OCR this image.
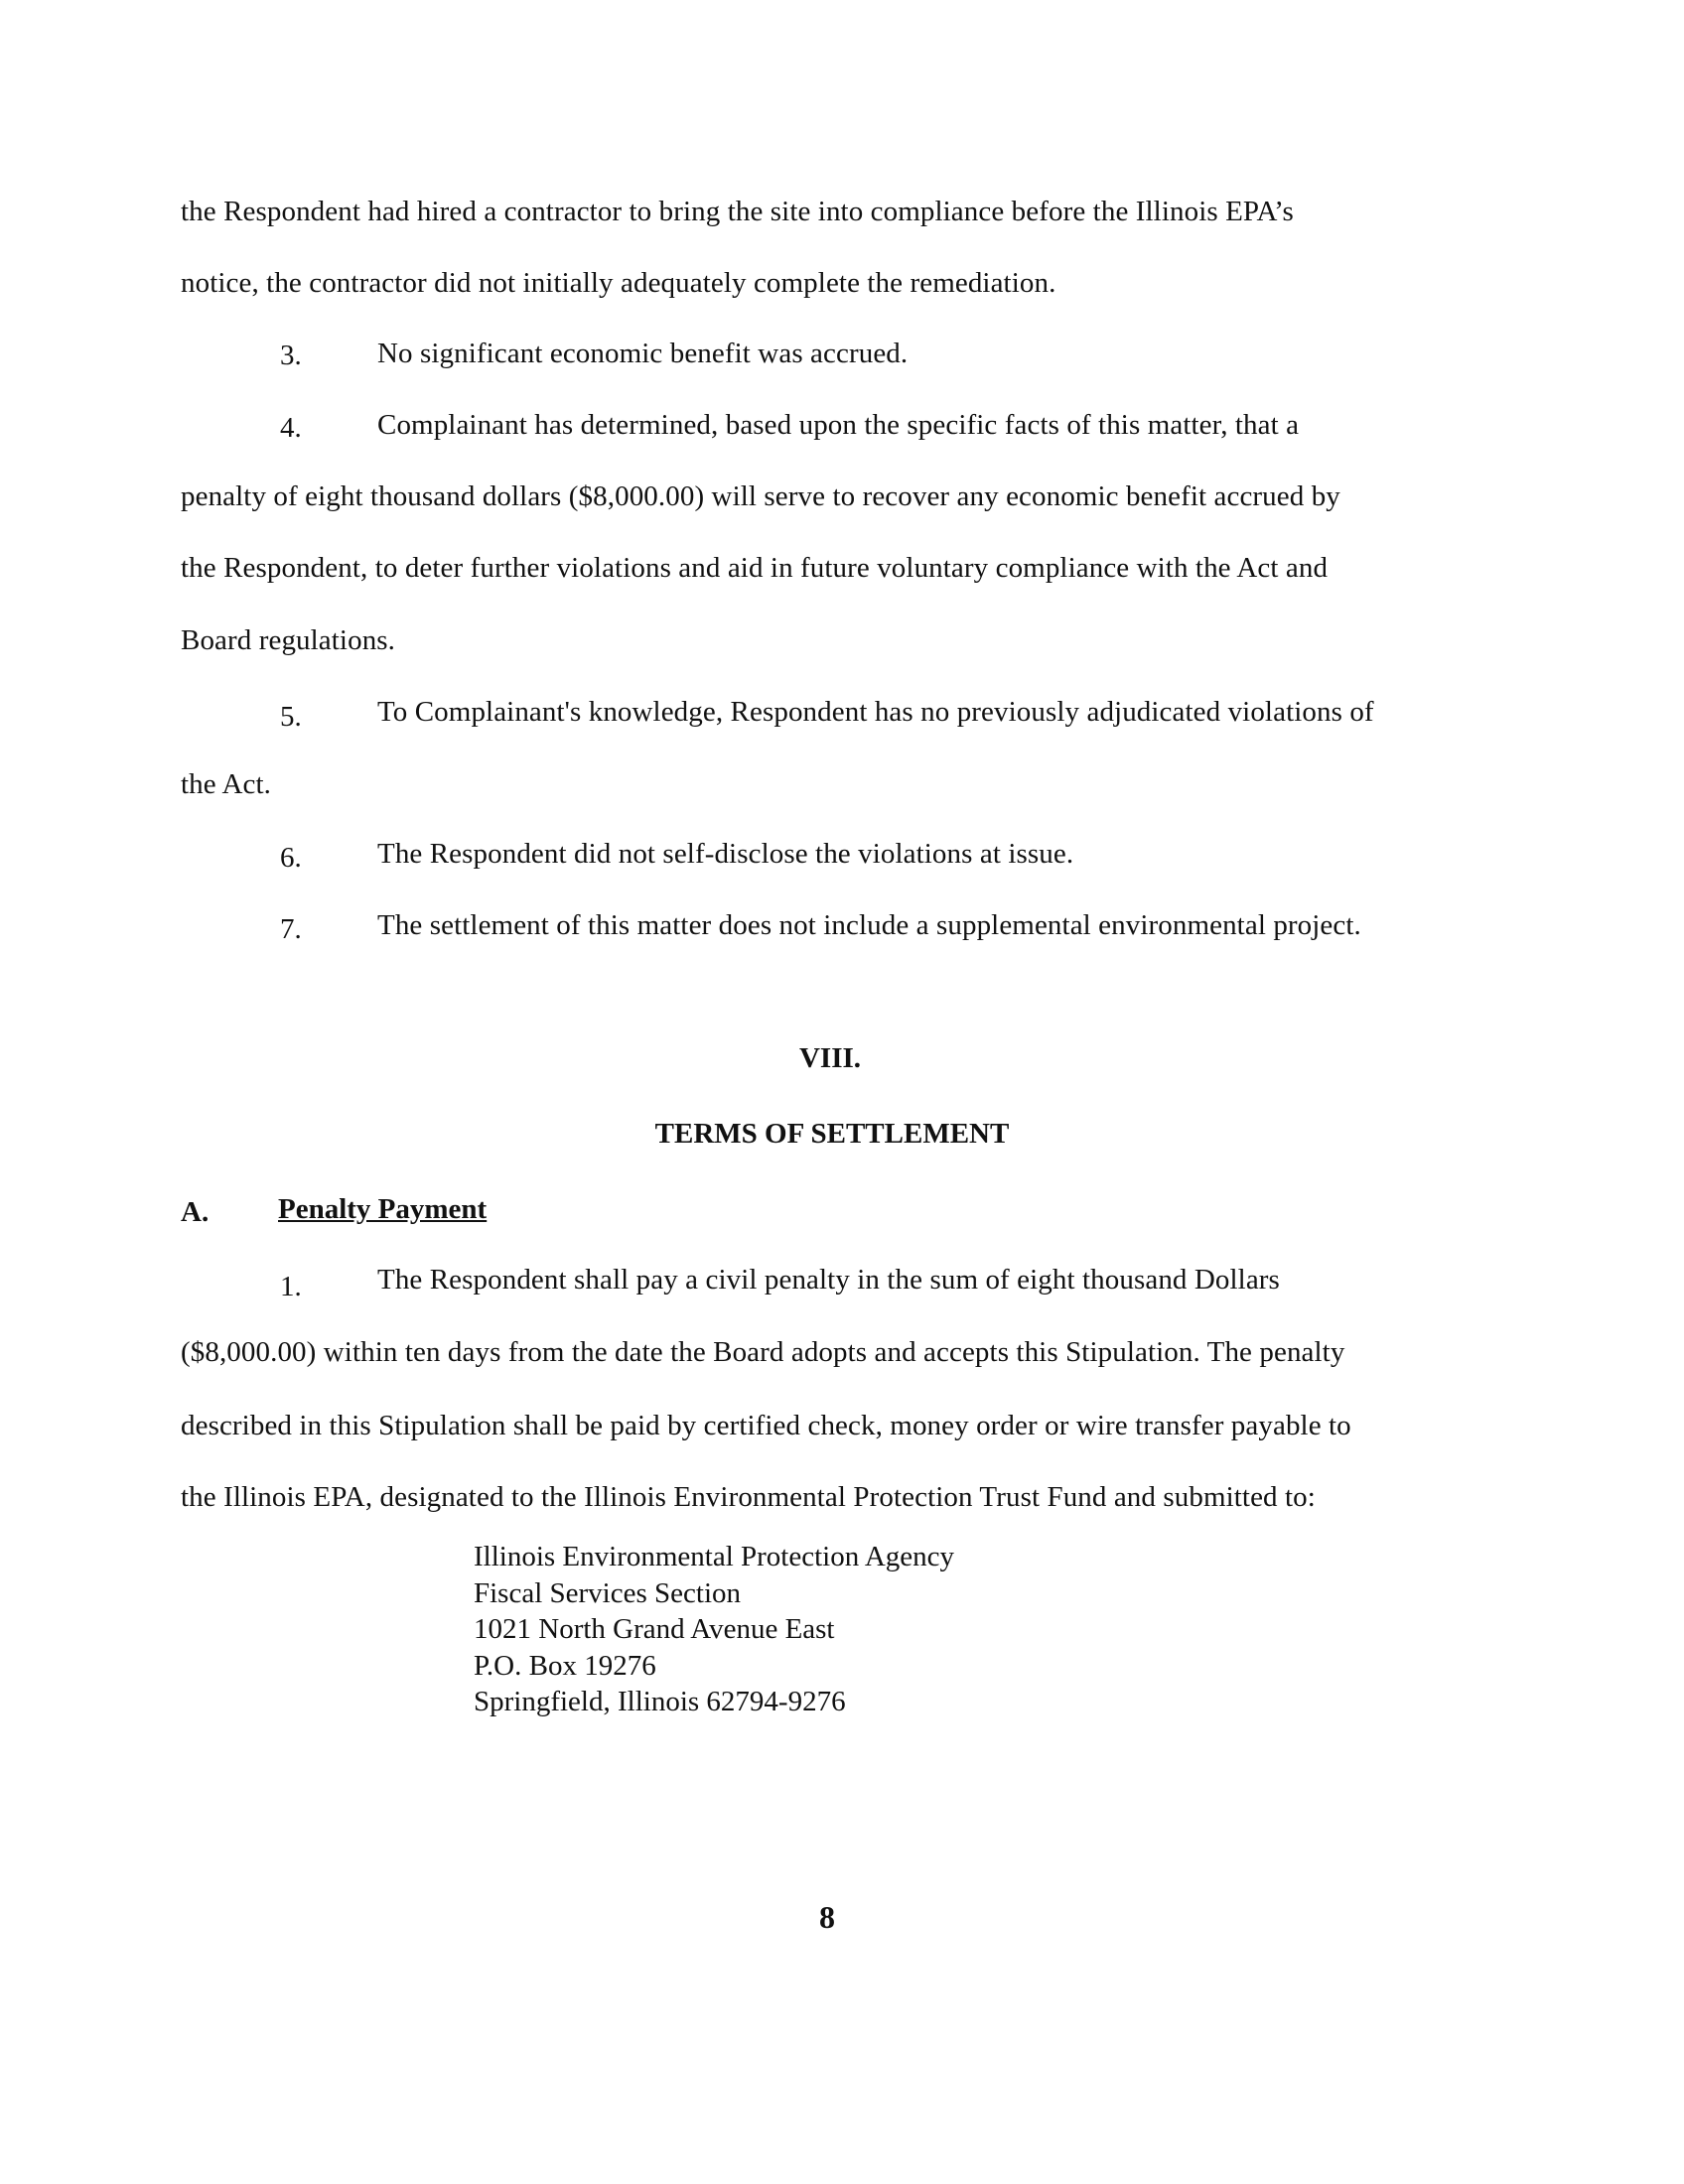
the Respondent had hired a contractor to bring the site into compliance before the Illinois EPA’s
notice, the contractor did not initially adequately complete the remediation.
3.	No significant economic benefit was accrued.
4.	Complainant has determined, based upon the specific facts of this matter, that a
penalty of eight thousand dollars ($8,000.00) will serve to recover any economic benefit accrued by
the Respondent, to deter further violations and aid in future voluntary compliance with the Act and
Board regulations.
5.	To Complainant's knowledge, Respondent has no previously adjudicated violations of
the Act.
6.	The Respondent did not self-disclose the violations at issue.
7.	The settlement of this matter does not include a supplemental environmental project.
VIII.
TERMS OF SETTLEMENT
A. Penalty Payment
1.	The Respondent shall pay a civil penalty in the sum of eight thousand Dollars
($8,000.00) within ten days from the date the Board adopts and accepts this Stipulation. The penalty
described in this Stipulation shall be paid by certified check, money order or wire transfer payable to
the Illinois EPA, designated to the Illinois Environmental Protection Trust Fund and submitted to:
Illinois Environmental Protection Agency
Fiscal Services Section
1021 North Grand Avenue East
P.O. Box 19276
Springfield, Illinois 62794-9276
8
